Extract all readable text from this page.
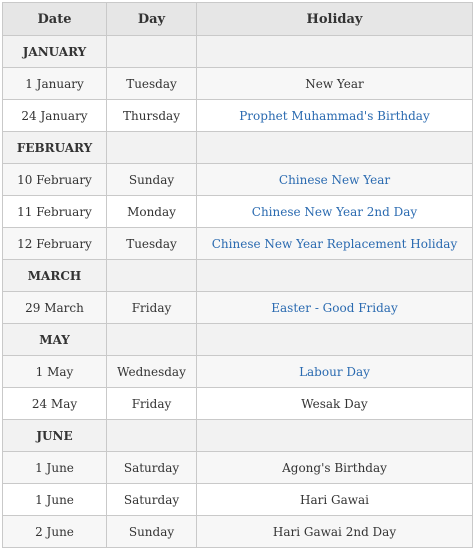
Date	Day	Holiday
JANUARY		
1 January	Tuesday	New Year
24 January	Thursday	Prophet Muhammad's Birthday
FEBRUARY		
10 February	Sunday	Chinese New Year
11 February	Monday	Chinese New Year 2nd Day
12 February	Tuesday	Chinese New Year Replacement Holiday
MARCH		
29 March	Friday	Easter - Good Friday
MAY		
1 May	Wednesday	Labour Day
24 May	Friday	Wesak Day
JUNE		
1 June	Saturday	Agong's Birthday
1 June	Saturday	Hari Gawai
2 June	Sunday	Hari Gawai 2nd Day
